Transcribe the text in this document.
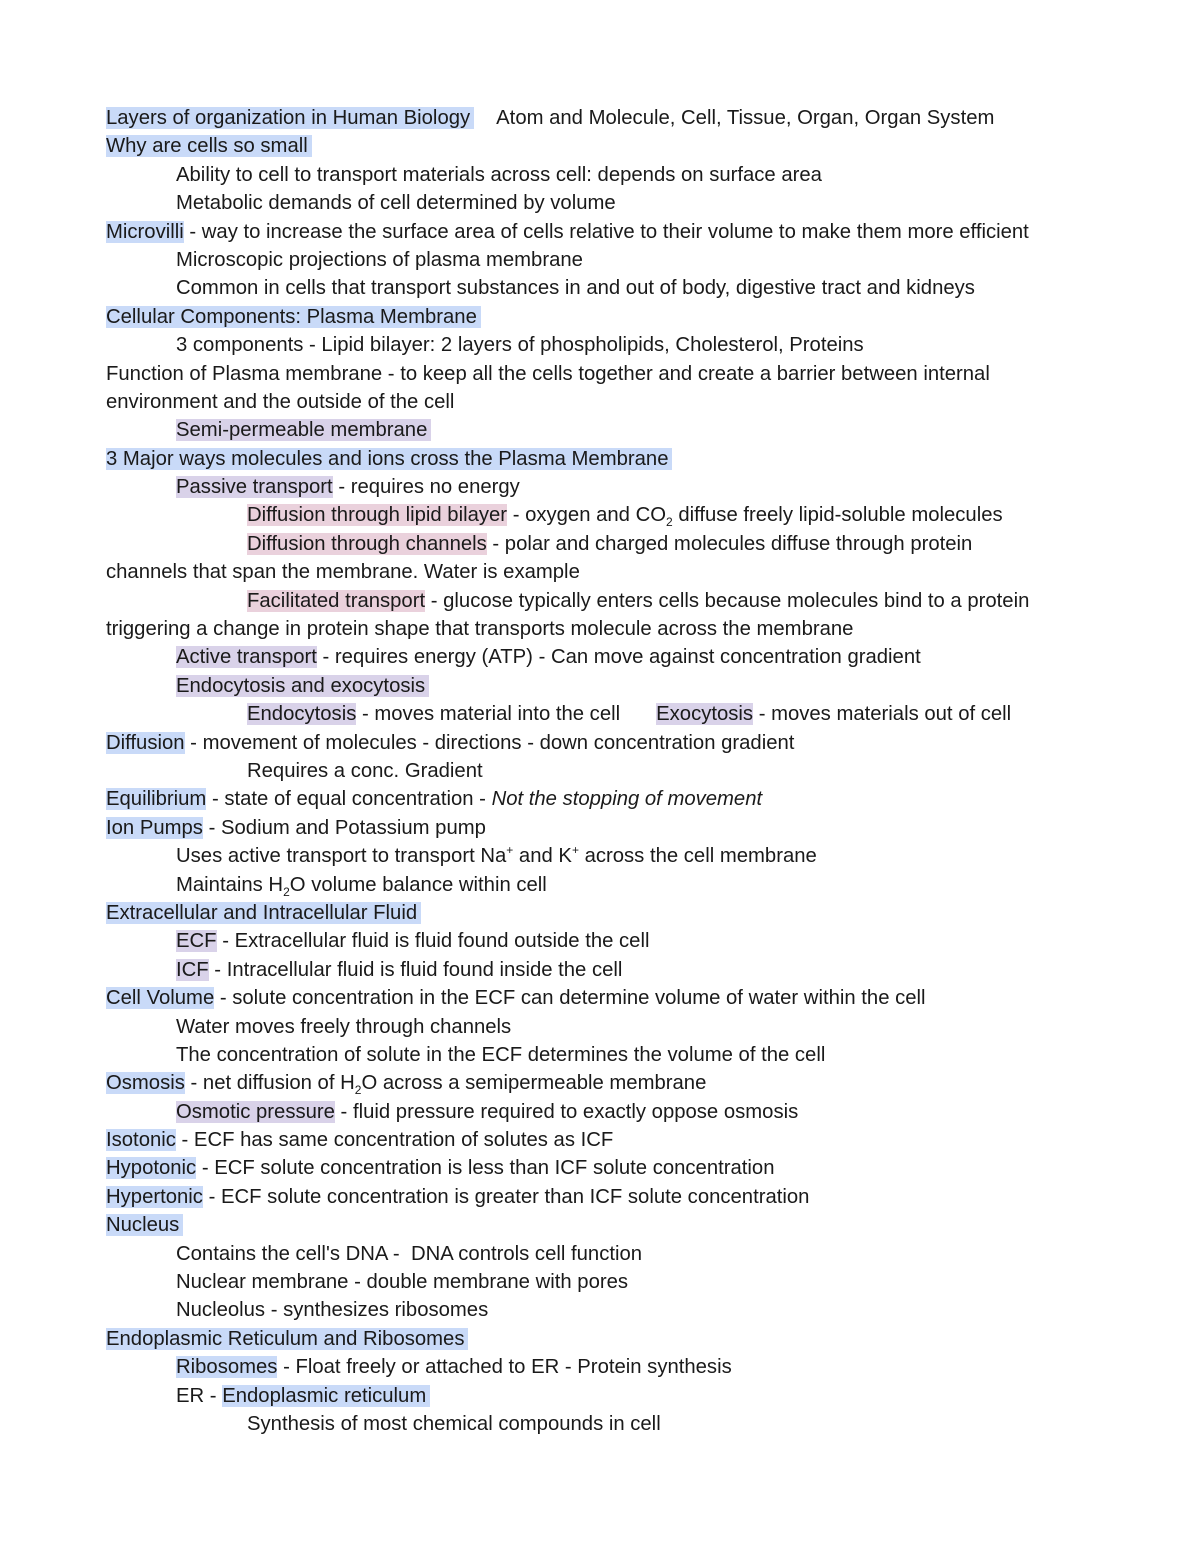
Layers of organization in Human Biology Atom and Molecule, Cell, Tissue, Organ, Organ System
Why are cells so small
Ability to cell to transport materials across cell: depends on surface area
Metabolic demands of cell determined by volume
Microvilli - way to increase the surface area of cells relative to their volume to make them more efficient
Microscopic projections of plasma membrane
Common in cells that transport substances in and out of body, digestive tract and kidneys
Cellular Components: Plasma Membrane
3 components - Lipid bilayer: 2 layers of phospholipids, Cholesterol, Proteins
Function of Plasma membrane - to keep all the cells together and create a barrier between internal
environment and the outside of the cell
Semi-permeable membrane
3 Major ways molecules and ions cross the Plasma Membrane
Passive transport - requires no energy
Diffusion through lipid bilayer - oxygen and $CO_2$ diffuse freely lipid-soluble molecules
Diffusion through channels - polar and charged molecules diffuse through protein
channels that span the membrane. Water is example
Facilitated transport - glucose typically enters cells because molecules bind to a protein
triggering a change in protein shape that transports molecule across the membrane
Active transport - requires energy (ATP) - Can move against concentration gradient
Endocytosis and exocytosis
Endocytosis - moves material into the cell Exocytosis - moves materials out of cell
Diffusion - movement of molecules - directions - down concentration gradient
Requires a conc. Gradient
Equilibrium - state of equal concentration - Not the stopping of movement
Ion Pumps - Sodium and Potassium pump
Uses active transport to transport Na+ and K+ across the cell membrane
Maintains $H_2O$ volume balance within cell
Extracellular and Intracellular Fluid
ECF - Extracellular fluid is fluid found outside the cell
ICF - Intracellular fluid is fluid found inside the cell
Cell Volume - solute concentration in the ECF can determine volume of water within the cell
Water moves freely through channels
The concentration of solute in the ECF determines the volume of the cell
Osmosis - net diffusion of $H_2O$ across a semipermeable membrane
Osmotic pressure - fluid pressure required to exactly oppose osmosis
Isotonic - ECF has same concentration of solutes as ICF
Hypotonic - ECF solute concentration is less than ICF solute concentration
Hypertonic - ECF solute concentration is greater than ICF solute concentration
Nucleus
Contains the cell's DNA -  DNA controls cell function
Nuclear membrane - double membrane with pores
Nucleolus - synthesizes ribosomes
Endoplasmic Reticulum and Ribosomes
Ribosomes - Float freely or attached to ER - Protein synthesis
ER - Endoplasmic reticulum
Synthesis of most chemical compounds in cell
